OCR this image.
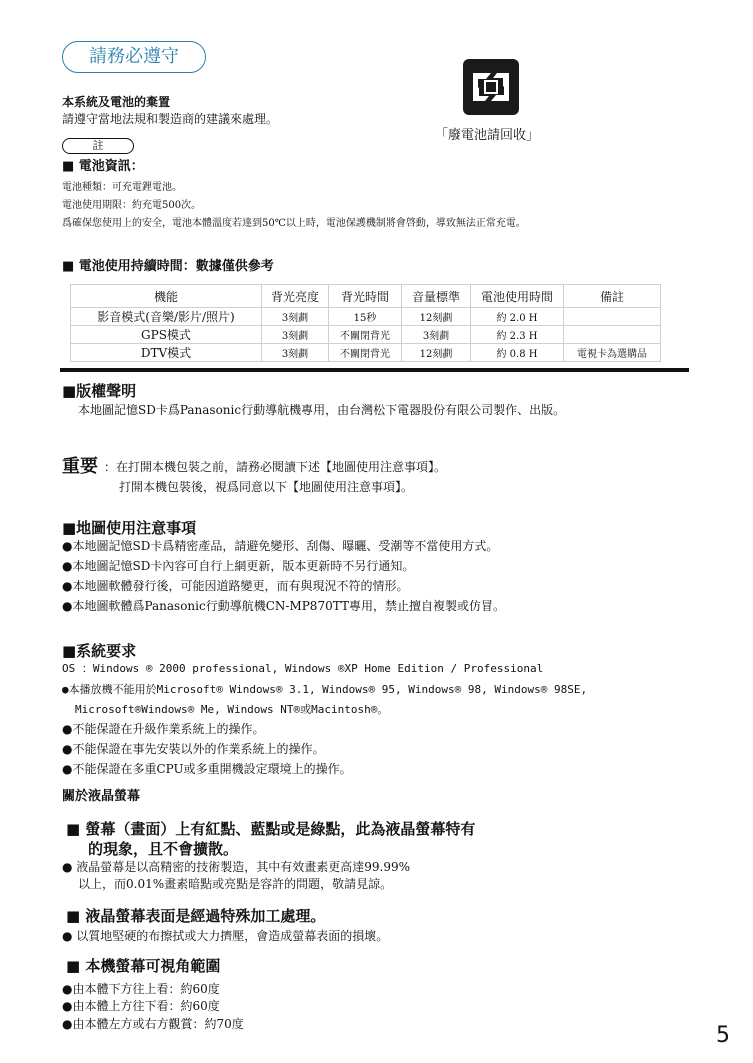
請務必遵守
本系統及電池的棄置
請遵守當地法規和製造商的建議來處理。
註
「廢電池請回收」
■ 電池資訊：
電池種類：可充電鋰電池。
電池使用期限：約充電500次。
爲確保您使用上的安全，電池本體溫度若達到50℃以上時，電池保護機制將會啓動，導致無法正常充電。
■ 電池使用持續時間：數據僅供參考
機能	背光亮度	背光時間	音量標準	電池使用時間	備註
影音模式(音樂/影片/照片)	3刻劃	15秒	12刻劃	約 2.0 H	
GPS模式	3刻劃	不關閉背光	3刻劃	約 2.3 H	
DTV模式	3刻劃	不關閉背光	12刻劃	約 0.8 H	電視卡為選購品
■版權聲明
本地圖記憶SD卡爲Panasonic行動導航機專用，由台灣松下電器股份有限公司製作、出版。
重要 ：在打開本機包裝之前，請務必閱讀下述【地圖使用注意事項】。
打開本機包裝後，視爲同意以下【地圖使用注意事項】。
■地圖使用注意事項
●本地圖記憶SD卡爲精密產品，請避免變形、刮傷、曝曬、受潮等不當使用方式。
●本地圖記憶SD卡內容可自行上網更新，版本更新時不另行通知。
●本地圖軟體發行後，可能因道路變更，而有與現況不符的情形。
●本地圖軟體爲Panasonic行動導航機CN-MP870TT專用，禁止擅自複製或仿冒。
■系統要求
OS ：Windows ® 2000 professional, Windows ®XP Home Edition / Professional
●本播放機不能用於Microsoft® Windows® 3.1, Windows® 95, Windows® 98, Windows® 98SE,
Microsoft®Windows® Me, Windows NT®或Macintosh®。
●不能保證在升級作業系統上的操作。
●不能保證在事先安裝以外的作業系統上的操作。
●不能保證在多重CPU或多重開機設定環境上的操作。
關於液晶螢幕
■ 螢幕（畫面）上有紅點、藍點或是綠點，此為液晶螢幕特有
的現象，且不會擴散。
● 液晶螢幕是以高精密的技術製造，其中有效畫素更高達99.99%
以上，而0.01%畫素暗點或亮點是容許的問題，敬請見諒。
■ 液晶螢幕表面是經過特殊加工處理。
● 以質地堅硬的布擦拭或大力擠壓，會造成螢幕表面的損壞。
■ 本機螢幕可視角範圍
●由本體下方往上看：約60度
●由本體上方往下看：約60度
●由本體左方或右方觀賞：約70度	5
